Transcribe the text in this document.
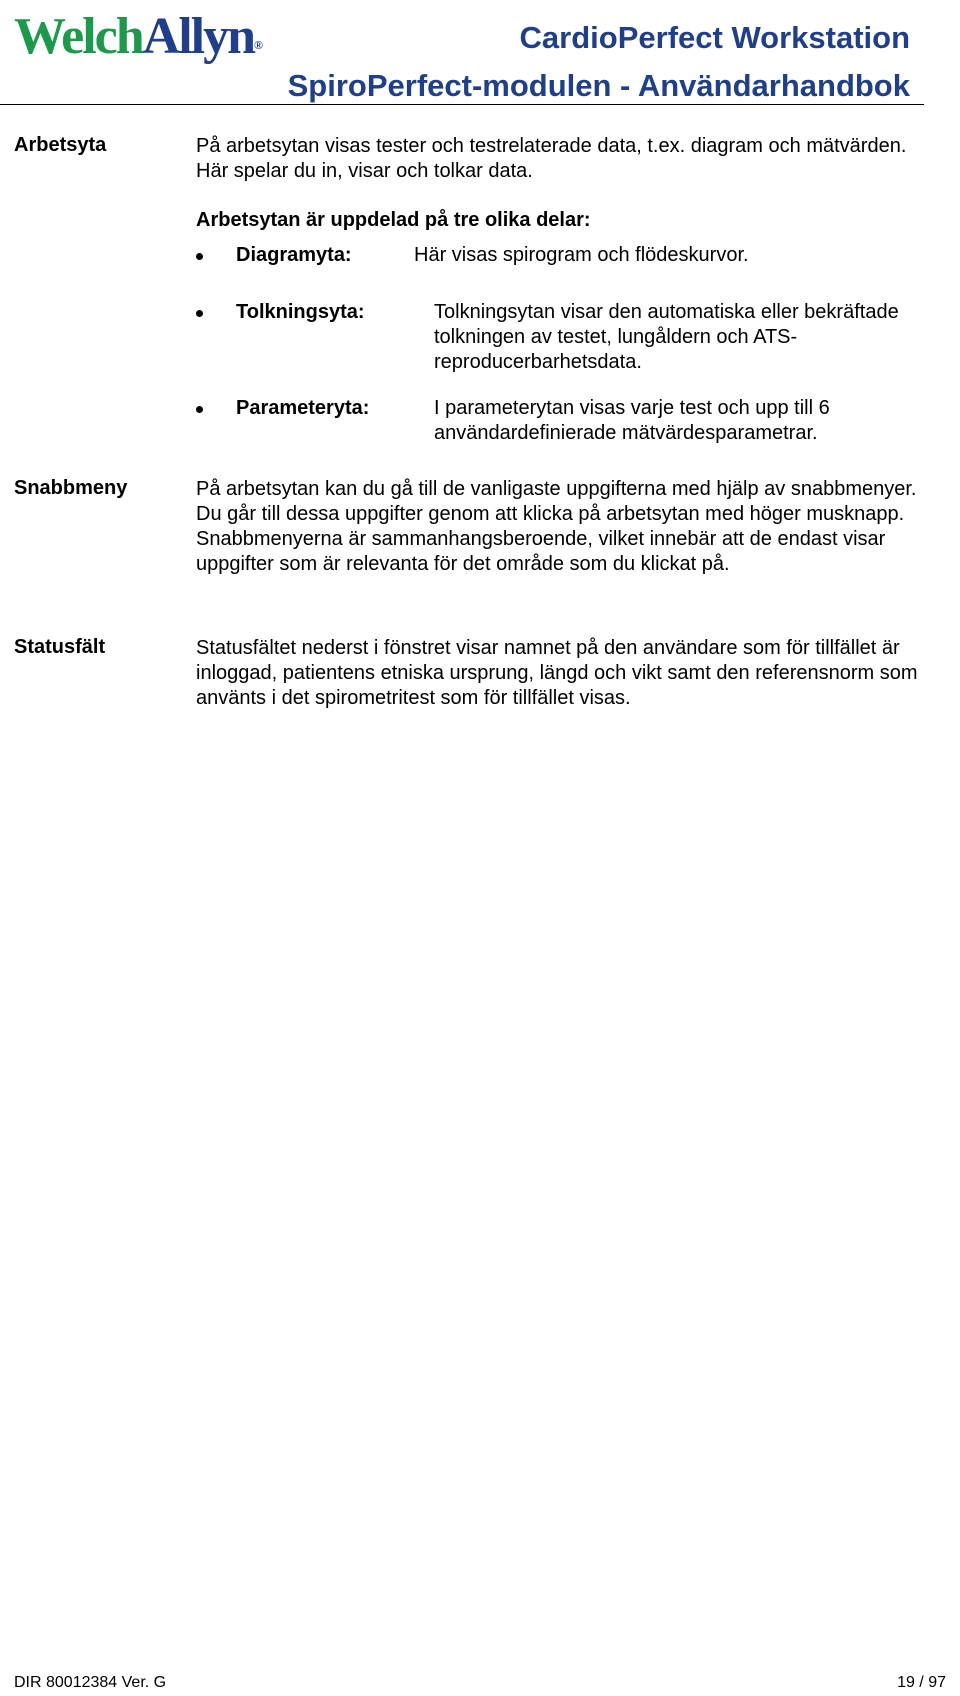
WelchAllyn®	CardioPerfect Workstation
SpiroPerfect-modulen - Användarhandbok
Arbetsyta	På arbetsytan visas tester och testrelaterade data, t.ex. diagram och mätvärden. Här spelar du in, visar och tolkar data.

Arbetsytan är uppdelad på tre olika delar:

Diagramyta:	Här visas spirogram och flödeskurvor.
Tolkningsyta:	Tolkningsytan visar den automatiska eller bekräftade tolkningen av testet, lungåldern och ATS-reproducerbarhetsdata.
Parameteryta:	I parameterytan visas varje test och upp till 6 användardefinierade mätvärdesparametrar.
Snabbmeny	På arbetsytan kan du gå till de vanligaste uppgifterna med hjälp av snabbmenyer. Du går till dessa uppgifter genom att klicka på arbetsytan med höger musknapp. Snabbmenyerna är sammanhangsberoende, vilket innebär att de endast visar uppgifter som är relevanta för det område som du klickat på.

Statusfält	Statusfältet nederst i fönstret visar namnet på den användare som för tillfället är inloggad, patientens etniska ursprung, längd och vikt samt den referensnorm som använts i det spirometritest som för tillfället visas.

DIR 80012384 Ver. G	19 / 97
